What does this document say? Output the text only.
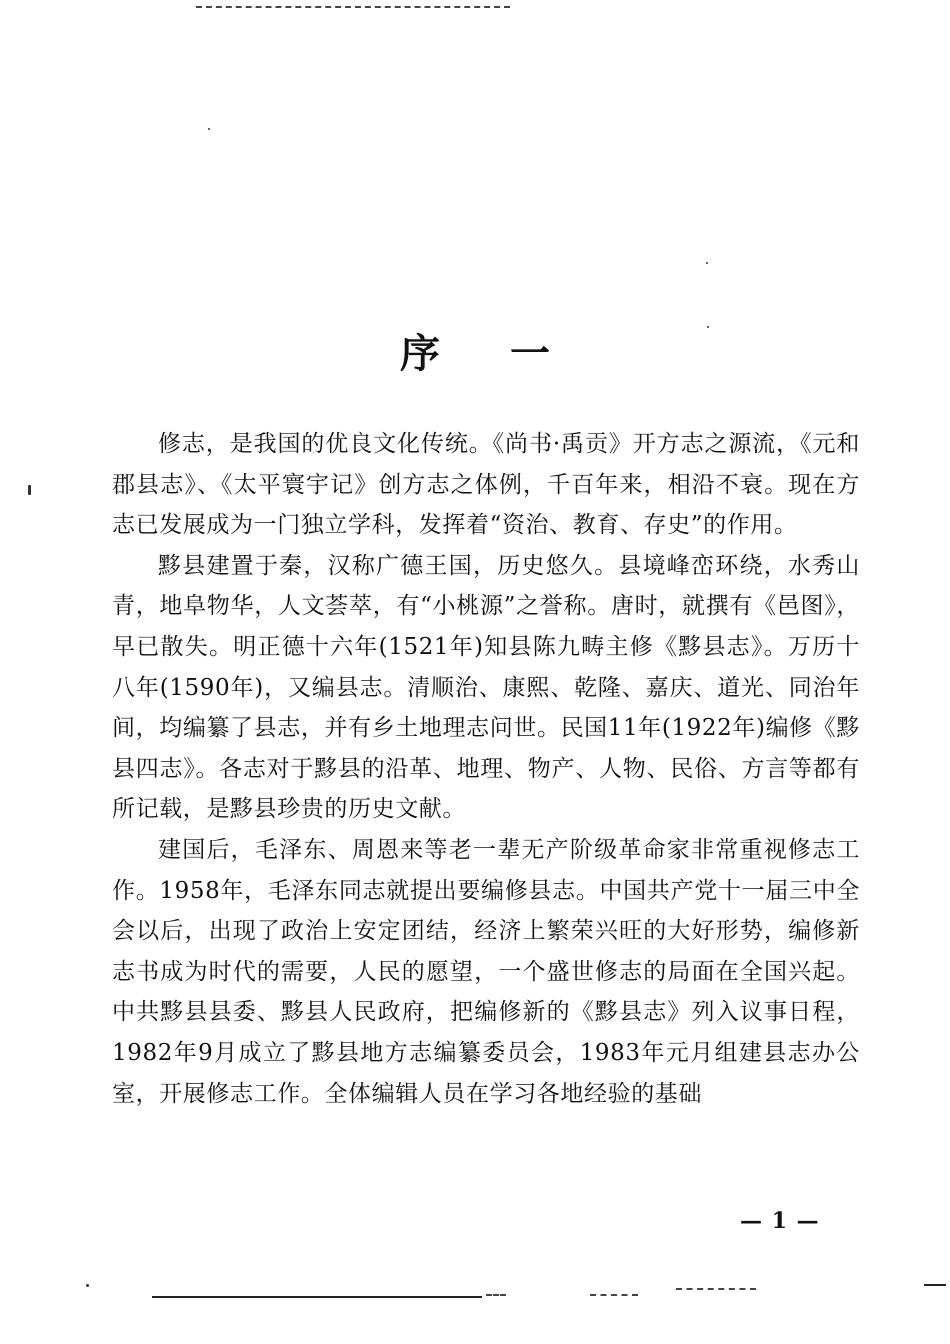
序 一

修志，是我国的优良文化传统。《尚书·禹贡》开方志之源流，《元和郡县志》、《太平寰宇记》创方志之体例，千百年来，相沿不衰。现在方志已发展成为一门独立学科，发挥着“资治、教育、存史”的作用。

黟县建置于秦，汉称广德王国，历史悠久。县境峰峦环绕，水秀山青，地阜物华，人文荟萃，有“小桃源”之誉称。唐时，就撰有《邑图》，早已散失。明正德十六年(1521年)知县陈九畴主修《黟县志》。万历十八年(1590年)，又编县志。清顺治、康熙、乾隆、嘉庆、道光、同治年间，均编纂了县志，并有乡土地理志问世。民国11年(1922年)编修《黟县四志》。各志对于黟县的沿革、地理、物产、人物、民俗、方言等都有所记载，是黟县珍贵的历史文献。

建国后，毛泽东、周恩来等老一辈无产阶级革命家非常重视修志工作。1958年，毛泽东同志就提出要编修县志。中国共产党十一届三中全会以后，出现了政治上安定团结，经济上繁荣兴旺的大好形势，编修新志书成为时代的需要，人民的愿望，一个盛世修志的局面在全国兴起。中共黟县县委、黟县人民政府，把编修新的《黟县志》列入议事日程，1982年9月成立了黟县地方志编纂委员会，1983年元月组建县志办公室，开展修志工作。全体编辑人员在学习各地经验的基础

— 1 —
